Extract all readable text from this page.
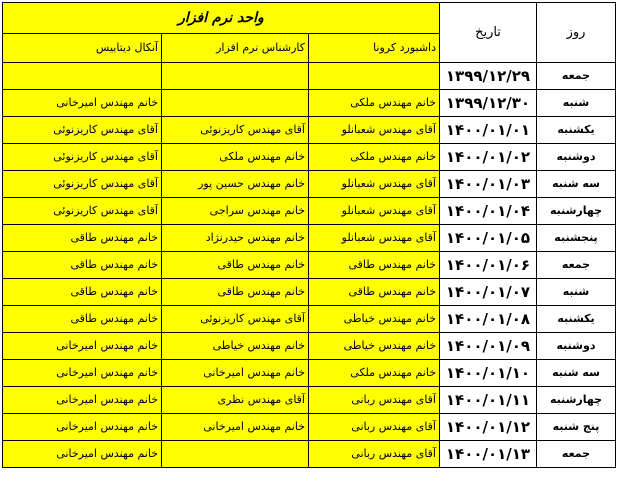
واحد نرم افزار			تاریخ	روز
آنکال دیتابیس	کارشناس نرم افزار	داشبورد کرونا		
			۱۳۹۹/۱۲/۲۹	جمعه
خانم مهندس امیرخانی		خانم مهندس ملکی	۱۳۹۹/۱۲/۳۰	شنبه
آقای مهندس کاریزنوئی	آقای مهندس کاریزنوئی	آقای مهندس شعبانلو	۱۴۰۰/۰۱/۰۱	یکشنبه
آقای مهندس کاریزنوئی	خانم مهندس ملکی	خانم مهندس ملکی	۱۴۰۰/۰۱/۰۲	دوشنبه
آقای مهندس کاریزنوئی	خانم مهندس حسین پور	آقای مهندس شعبانلو	۱۴۰۰/۰۱/۰۳	سه شنبه
آقای مهندس کاریزنوئی	خانم مهندس سراجی	آقای مهندس شعبانلو	۱۴۰۰/۰۱/۰۴	چهارشنبه
خانم مهندس طاقی	خانم مهندس حیدرنژاد	آقای مهندس شعبانلو	۱۴۰۰/۰۱/۰۵	پنجشنبه
خانم مهندس طاقی	خانم مهندس طاقی	خانم مهندس طاقی	۱۴۰۰/۰۱/۰۶	جمعه
خانم مهندس طاقی	خانم مهندس طاقی	خانم مهندس طاقی	۱۴۰۰/۰۱/۰۷	شنبه
خانم مهندس طاقی	آقای مهندس کاریزنوئی	خانم مهندس خیاطی	۱۴۰۰/۰۱/۰۸	یکشنبه
خانم مهندس امیرخانی	خانم مهندس خیاطی	خانم مهندس خیاطی	۱۴۰۰/۰۱/۰۹	دوشنبه
خانم مهندس امیرخانی	خانم مهندس امیرخانی	خانم مهندس ملکی	۱۴۰۰/۰۱/۱۰	سه شنبه
خانم مهندس امیرخانی	آقای مهندس نظری	آقای مهندس ربانی	۱۴۰۰/۰۱/۱۱	چهارشنبه
خانم مهندس امیرخانی	خانم مهندس امیرخانی	آقای مهندس ربانی	۱۴۰۰/۰۱/۱۲	پنج شنبه
خانم مهندس امیرخانی		آقای مهندس ربانی	۱۴۰۰/۰۱/۱۳	جمعه
